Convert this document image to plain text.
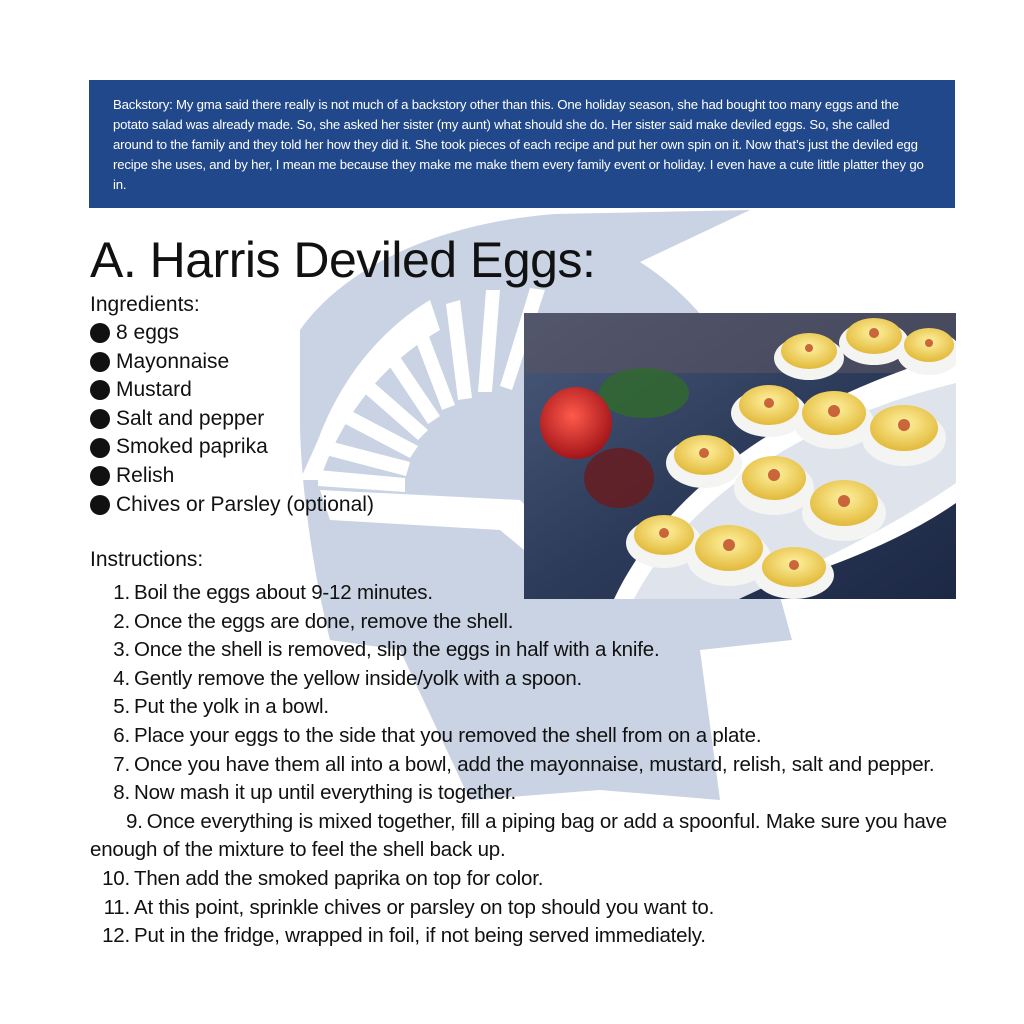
Backstory: My gma said there really is not much of a backstory other than this. One holiday season, she had bought too many eggs and the potato salad was already made. So, she asked her sister (my aunt) what should she do. Her sister said make deviled eggs. So, she called around to the family and they told her how they did it. She took pieces of each recipe and put her own spin on it. Now that’s just the deviled egg recipe she uses, and by her, I mean me because they make me make them every family event or holiday. I even have a cute little platter they go in.
A. Harris Deviled Eggs:
Ingredients:
8 eggs
Mayonnaise
Mustard
Salt and pepper
Smoked paprika
Relish
Chives or Parsley (optional)
Instructions:
1. Boil the eggs about 9-12 minutes.
2. Once the eggs are done, remove the shell.
3. Once the shell is removed, slip the eggs in half with a knife.
4. Gently remove the yellow inside/yolk with a spoon.
5. Put the yolk in a bowl.
6. Place your eggs to the side that you removed the shell from on a plate.
7. Once you have them all into a bowl, add the mayonnaise, mustard, relish, salt and pepper.
8. Now mash it up until everything is together.
9. Once everything is mixed together, fill a piping bag or add a spoonful. Make sure you have enough of the mixture to feel the shell back up.
10. Then add the smoked paprika on top for color.
11. At this point, sprinkle chives or parsley on top should you want to.
12. Put in the fridge, wrapped in foil, if not being served immediately.
